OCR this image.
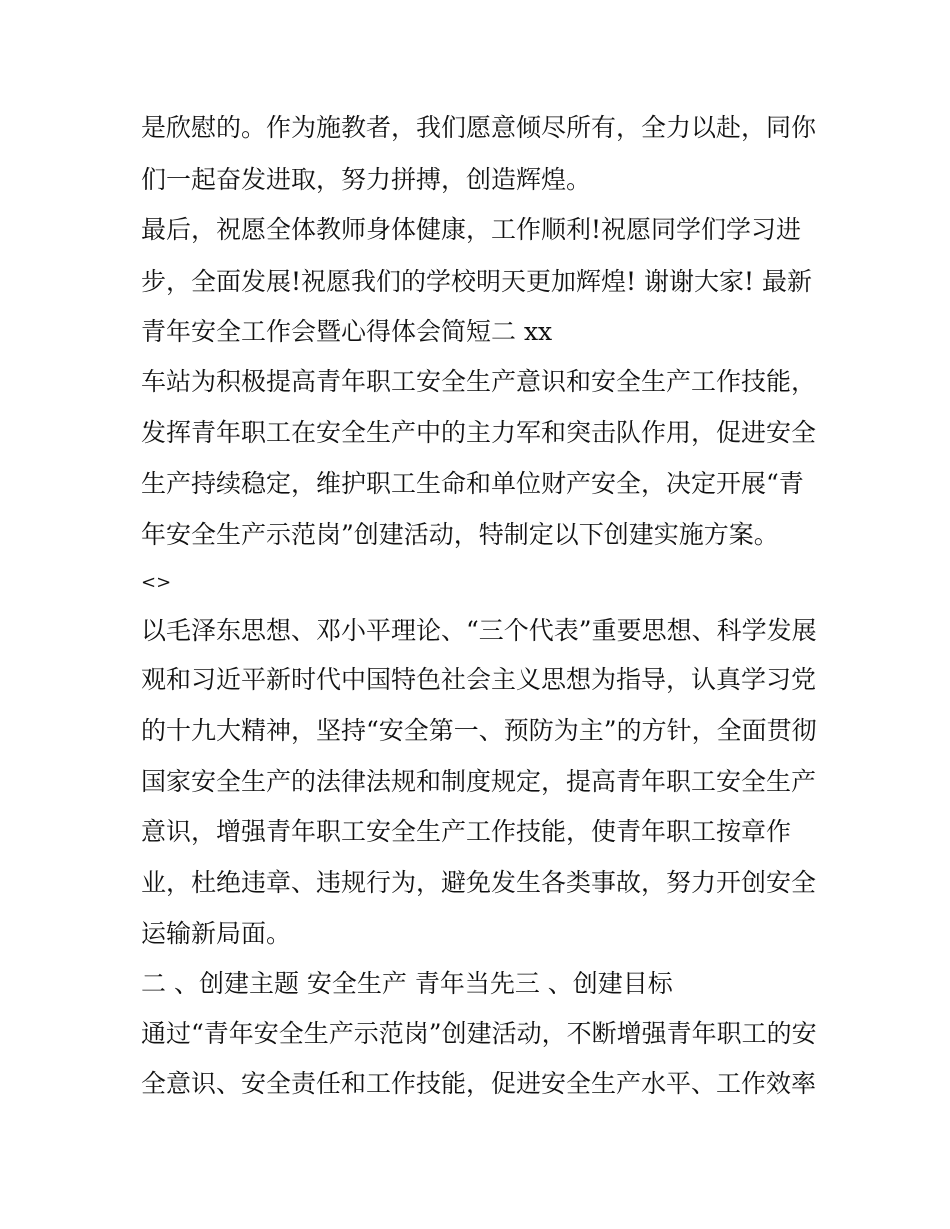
是欣慰的。作为施教者，我们愿意倾尽所有，全力以赴，同你
们一起奋发进取，努力拼搏，创造辉煌。
最后，祝愿全体教师身体健康，工作顺利!祝愿同学们学习进
步，全面发展!祝愿我们的学校明天更加辉煌! 谢谢大家! 最新
青年安全工作会暨心得体会简短二 xx
车站为积极提高青年职工安全生产意识和安全生产工作技能，
发挥青年职工在安全生产中的主力军和突击队作用，促进安全
生产持续稳定，维护职工生命和单位财产安全，决定开展“青
年安全生产示范岗”创建活动，特制定以下创建实施方案。
<>
以毛泽东思想、邓小平理论、“三个代表”重要思想、科学发展
观和习近平新时代中国特色社会主义思想为指导，认真学习党
的十九大精神，坚持“安全第一、预防为主”的方针，全面贯彻
国家安全生产的法律法规和制度规定，提高青年职工安全生产
意识，增强青年职工安全生产工作技能，使青年职工按章作
业，杜绝违章、违规行为，避免发生各类事故，努力开创安全
运输新局面。
二 、创建主题 安全生产 青年当先三 、创建目标
通过“青年安全生产示范岗”创建活动，不断增强青年职工的安
全意识、安全责任和工作技能，促进安全生产水平、工作效率
